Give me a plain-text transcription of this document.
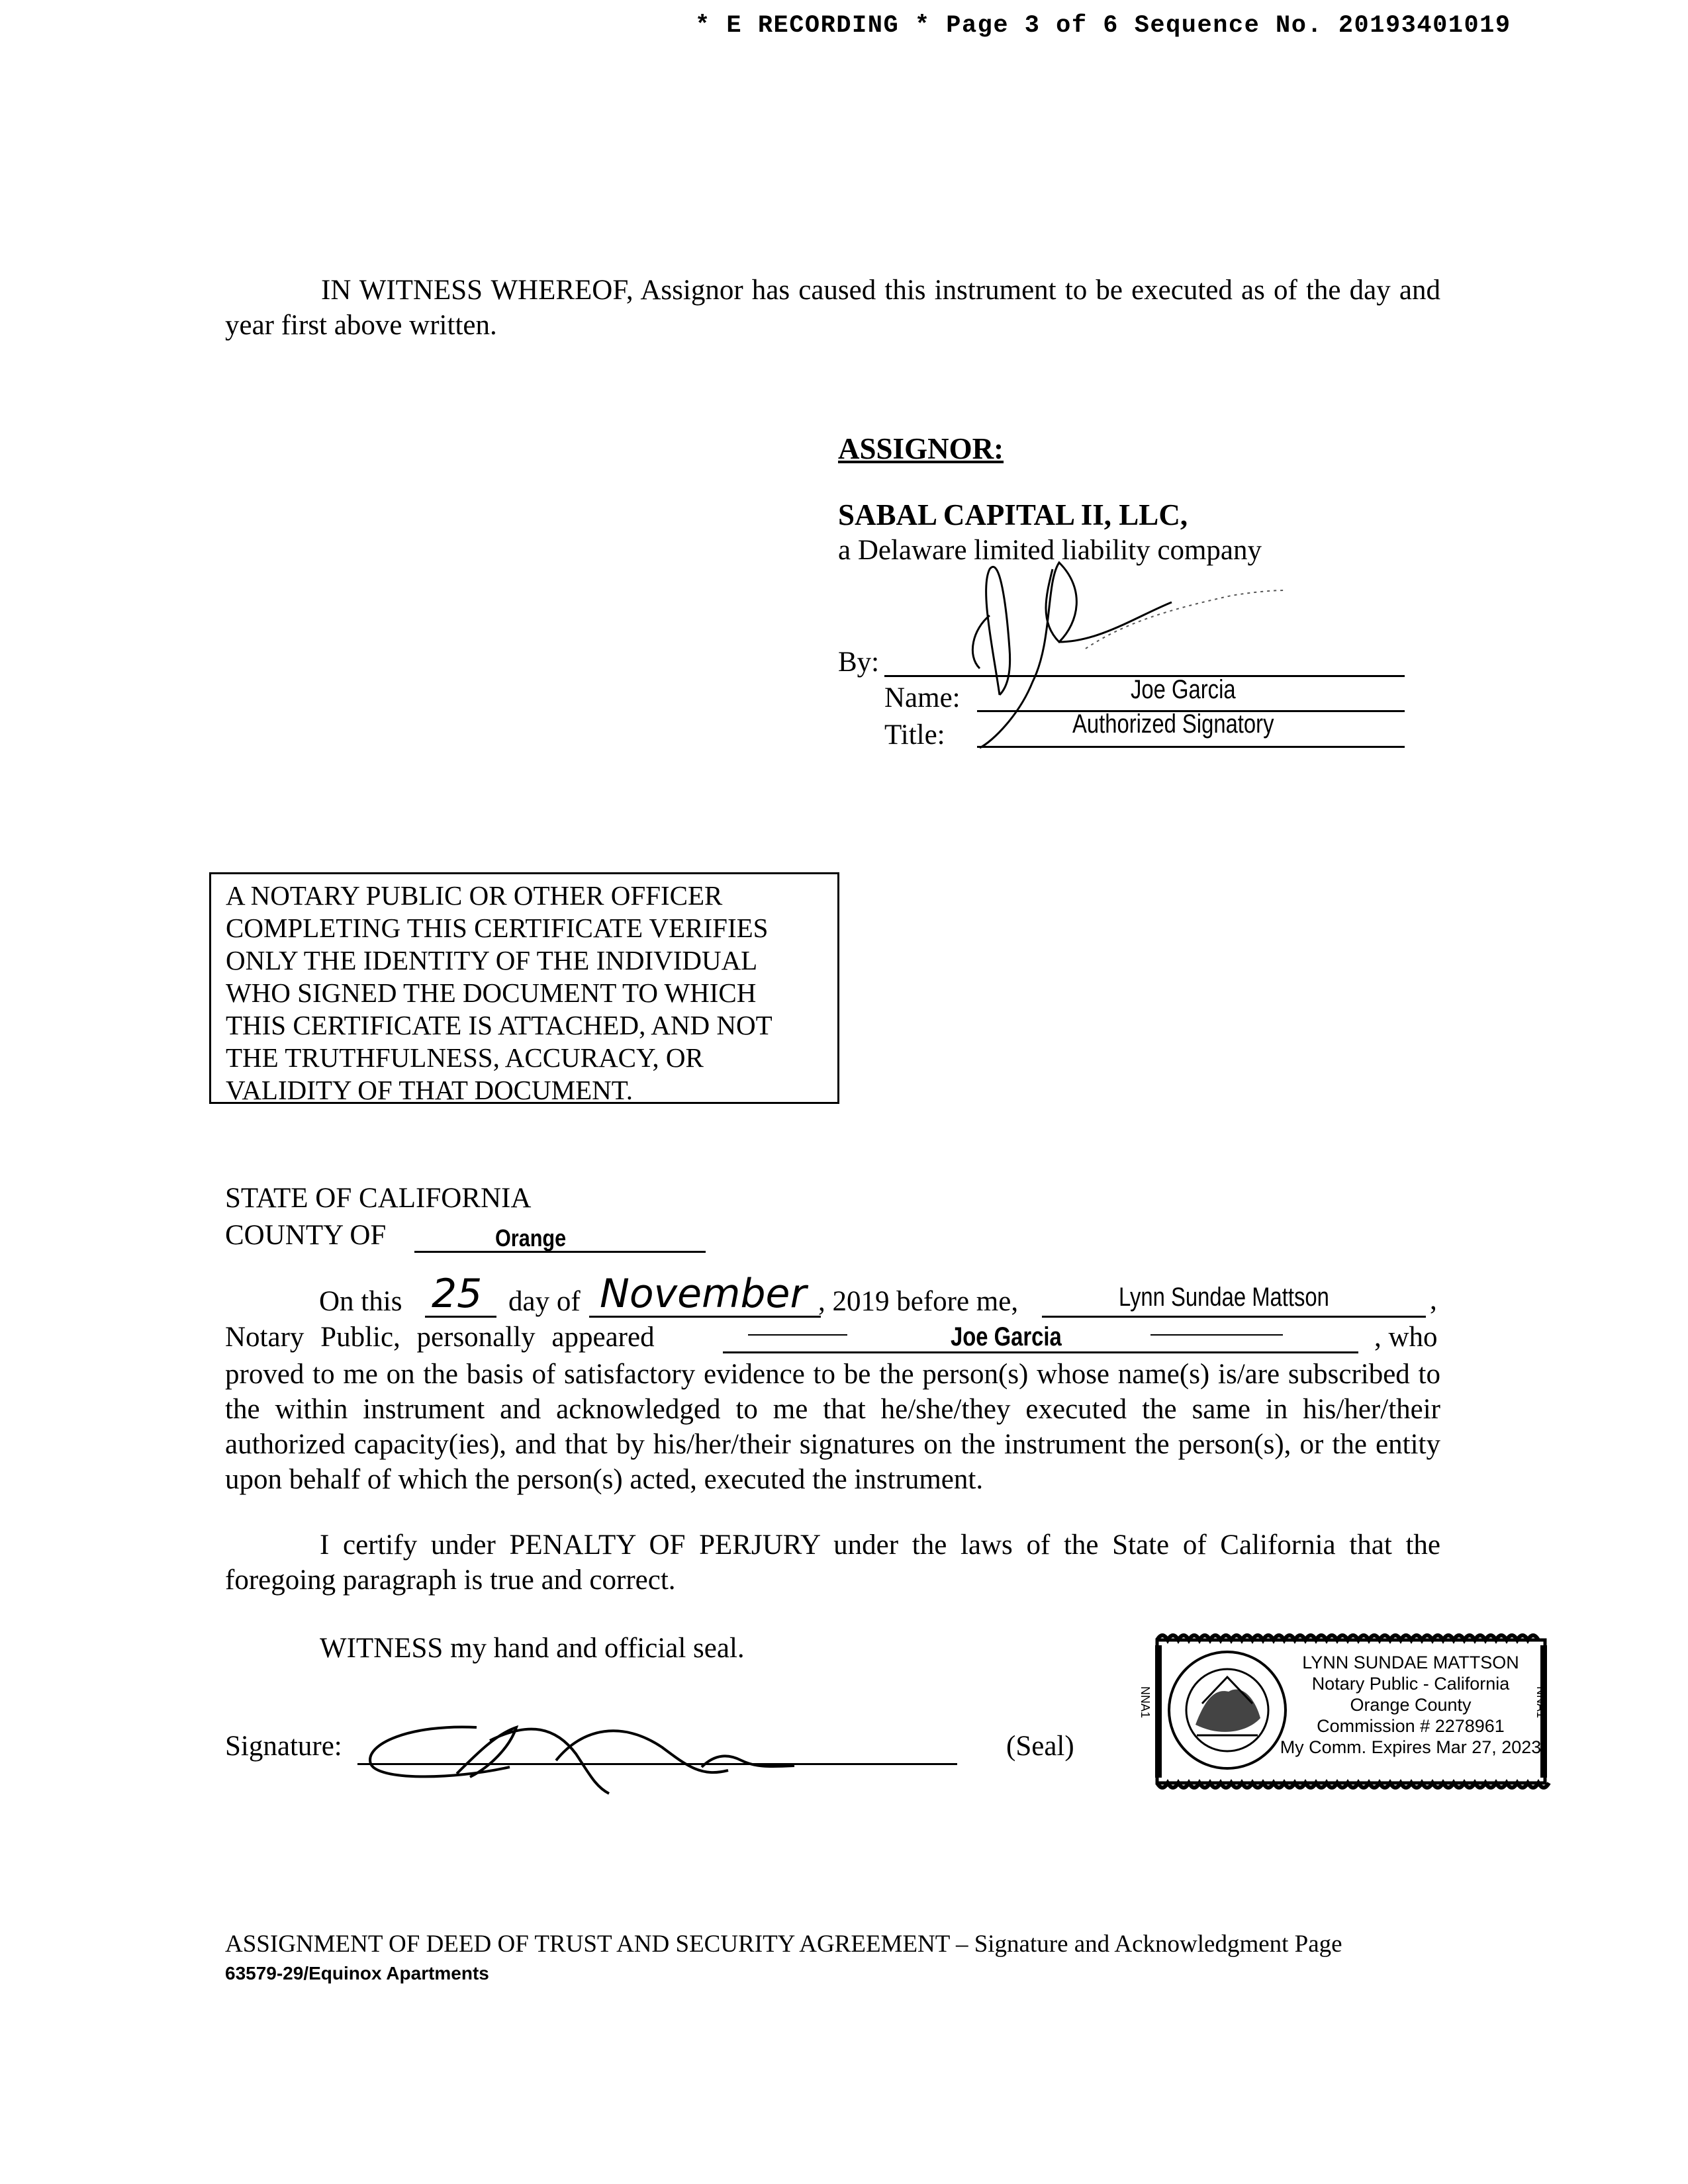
* E RECORDING * Page 3 of 6 Sequence No. 20193401019
IN WITNESS WHEREOF, Assignor has caused this instrument to be executed as of the day and year first above written.
ASSIGNOR:
SABAL CAPITAL II, LLC,
a Delaware limited liability company
By:
Name:	Joe Garcia
Title:	Authorized Signatory
A NOTARY PUBLIC OR OTHER OFFICER
COMPLETING THIS CERTIFICATE VERIFIES
ONLY THE IDENTITY OF THE INDIVIDUAL
WHO SIGNED THE DOCUMENT TO WHICH
THIS CERTIFICATE IS ATTACHED, AND NOT
THE TRUTHFULNESS, ACCURACY, OR
VALIDITY OF THAT DOCUMENT.
STATE OF CALIFORNIA
COUNTY OF	Orange
On this 25 day of November , 2019 before me,	Lynn Sundae Mattson	,
Notary Public, personally appeared	Joe Garcia	, who
proved to me on the basis of satisfactory evidence to be the person(s) whose name(s) is/are subscribed to the within instrument and acknowledged to me that he/she/they executed the same in his/her/their authorized capacity(ies), and that by his/her/their signatures on the instrument the person(s), or the entity upon behalf of which the person(s) acted, executed the instrument.
I certify under PENALTY OF PERJURY under the laws of the State of California that the foregoing paragraph is true and correct.
WITNESS my hand and official seal.
Signature:	(Seal)
LYNN SUNDAE MATTSON
Notary Public - California
Orange County
Commission # 2278961
My Comm. Expires Mar 27, 2023
NNA1	NNA1
ASSIGNMENT OF DEED OF TRUST AND SECURITY AGREEMENT – Signature and Acknowledgment Page
63579-29/Equinox Apartments
